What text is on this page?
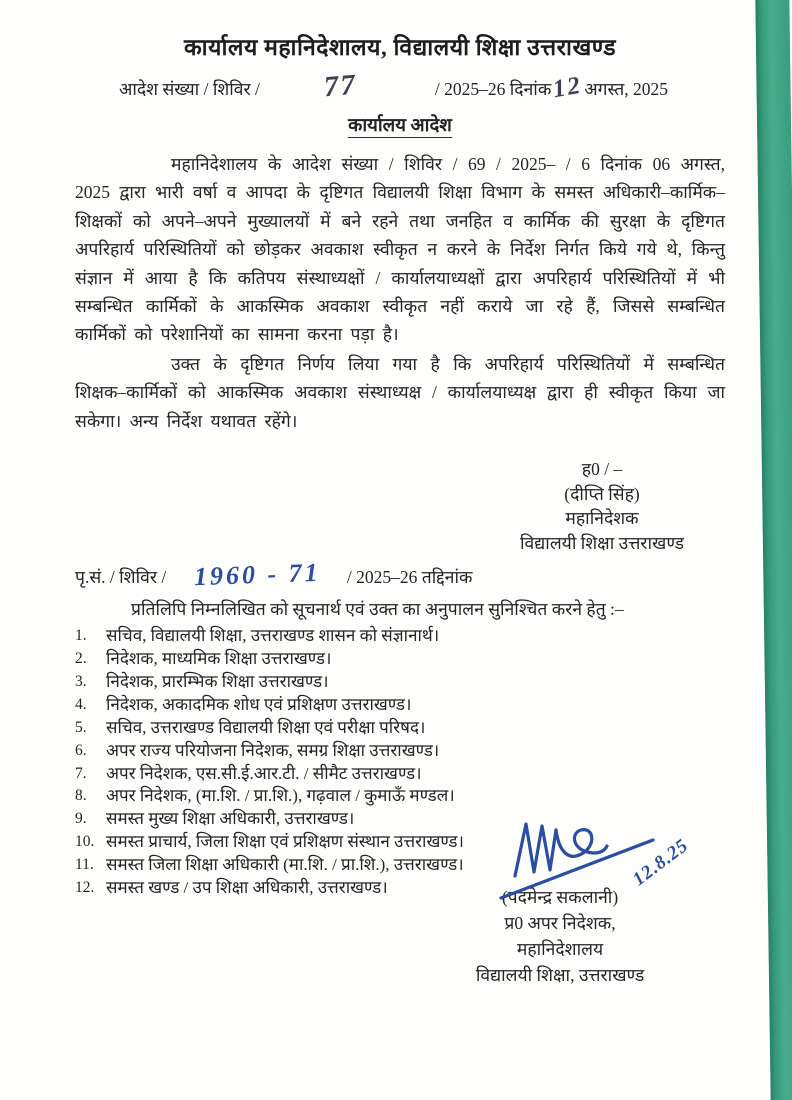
कार्यालय महानिदेशालय, विद्यालयी शिक्षा उत्तराखण्ड
आदेश संख्या / शिविर / 77	/ 2025–26 दिनांक 12 अगस्त, 2025
कार्यालय आदेश

महानिदेशालय के आदेश संख्या / शिविर / 69 / 2025– / 6 दिनांक 06 अगस्त, 2025 द्वारा भारी वर्षा व आपदा के दृष्टिगत विद्यालयी शिक्षा विभाग के समस्त अधिकारी–कार्मिक–शिक्षकों को अपने–अपने मुख्यालयों में बने रहने तथा जनहित व कार्मिक की सुरक्षा के दृष्टिगत अपरिहार्य परिस्थितियों को छोड़कर अवकाश स्वीकृत न करने के निर्देश निर्गत किये गये थे, किन्तु संज्ञान में आया है कि कतिपय संस्थाध्यक्षों / कार्यालयाध्यक्षों द्वारा अपरिहार्य परिस्थितियों में भी सम्बन्धित कार्मिकों के आकस्मिक अवकाश स्वीकृत नहीं कराये जा रहे हैं, जिससे सम्बन्धित कार्मिकों को परेशानियों का सामना करना पड़ा है।

उक्त के दृष्टिगत निर्णय लिया गया है कि अपरिहार्य परिस्थितियों में सम्बन्धित शिक्षक–कार्मिकों को आकस्मिक अवकाश संस्थाध्यक्ष / कार्यालयाध्यक्ष द्वारा ही स्वीकृत किया जा सकेगा। अन्य निर्देश यथावत रहेंगे।

ह0 / –
(दीप्ति सिंह)
महानिदेशक
विद्यालयी शिक्षा उत्तराखण्ड
पृ.सं. / शिविर / 1960 - 71 / 2025–26 तद्दिनांक
प्रतिलिपि निम्नलिखित को सूचनार्थ एवं उक्त का अनुपालन सुनिश्चित करने हेतु :–
1.	सचिव, विद्यालयी शिक्षा, उत्तराखण्ड शासन को संज्ञानार्थ।
2.	निदेशक, माध्यमिक शिक्षा उत्तराखण्ड।
3.	निदेशक, प्रारम्भिक शिक्षा उत्तराखण्ड।
4.	निदेशक, अकादमिक शोध एवं प्रशिक्षण उत्तराखण्ड।
5.	सचिव, उत्तराखण्ड विद्यालयी शिक्षा एवं परीक्षा परिषद।
6.	अपर राज्य परियोजना निदेशक, समग्र शिक्षा उत्तराखण्ड।
7.	अपर निदेशक, एस.सी.ई.आर.टी. / सीमैट उत्तराखण्ड।
8.	अपर निदेशक, (मा.शि. / प्रा.शि.), गढ़वाल / कुमाऊँ मण्डल।
9.	समस्त मुख्य शिक्षा अधिकारी, उत्तराखण्ड।
10. समस्त प्राचार्य, जिला शिक्षा एवं प्रशिक्षण संस्थान उत्तराखण्ड।
11. समस्त जिला शिक्षा अधिकारी (मा.शि. / प्रा.शि.), उत्तराखण्ड।
12. समस्त खण्ड / उप शिक्षा अधिकारी, उत्तराखण्ड।	12.8.25
(पदमेन्द्र सकलानी)
प्र0 अपर निदेशक,
महानिदेशालय
विद्यालयी शिक्षा, उत्तराखण्ड
